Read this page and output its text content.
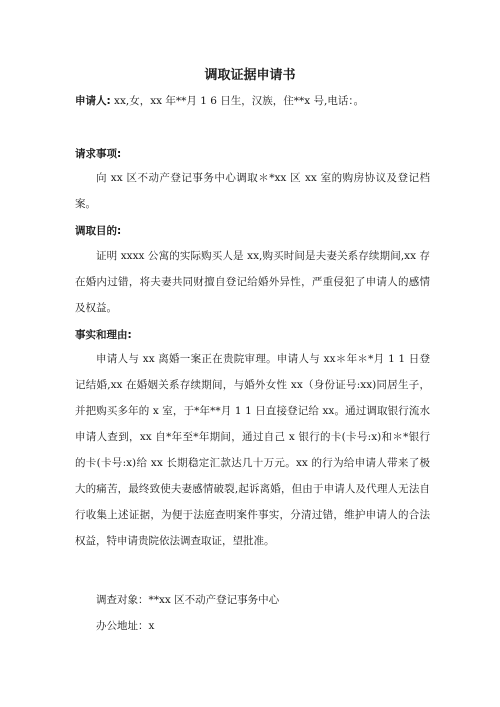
调取证据申请书
申请人: xx,女，xx 年**月 1 6 日生，汉族，住**x 号,电话：。
请求事项:
向 xx 区不动产登记事务中心调取＊*xx 区 xx 室的购房协议及登记档案。
调取目的:
证明 xxxx 公寓的实际购买人是 xx,购买时间是夫妻关系存续期间,xx 存在婚内过错，将夫妻共同财擅自登记给婚外异性，严重侵犯了申请人的感情及权益。
事实和理由:
申请人与 xx 离婚一案正在贵院审理。申请人与 xx＊年＊*月 1 1 日登记结婚,xx 在婚姻关系存续期间，与婚外女性 xx（身份证号:xx)同居生子，并把购买多年的 x 室，于*年**月 1 1 日直接登记给 xx。通过调取银行流水申请人查到，xx 自*年至*年期间，通过自己 x 银行的卡(卡号:x)和＊*银行的卡(卡号:x)给 xx 长期稳定汇款达几十万元。xx 的行为给申请人带来了极大的痛苦，最终致使夫妻感情破裂,起诉离婚，但由于申请人及代理人无法自行收集上述证据，为便于法庭查明案件事实，分清过错，维护申请人的合法权益，特申请贵院依法调查取证，望批准。
调查对象：**xx 区不动产登记事务中心
办公地址：x
